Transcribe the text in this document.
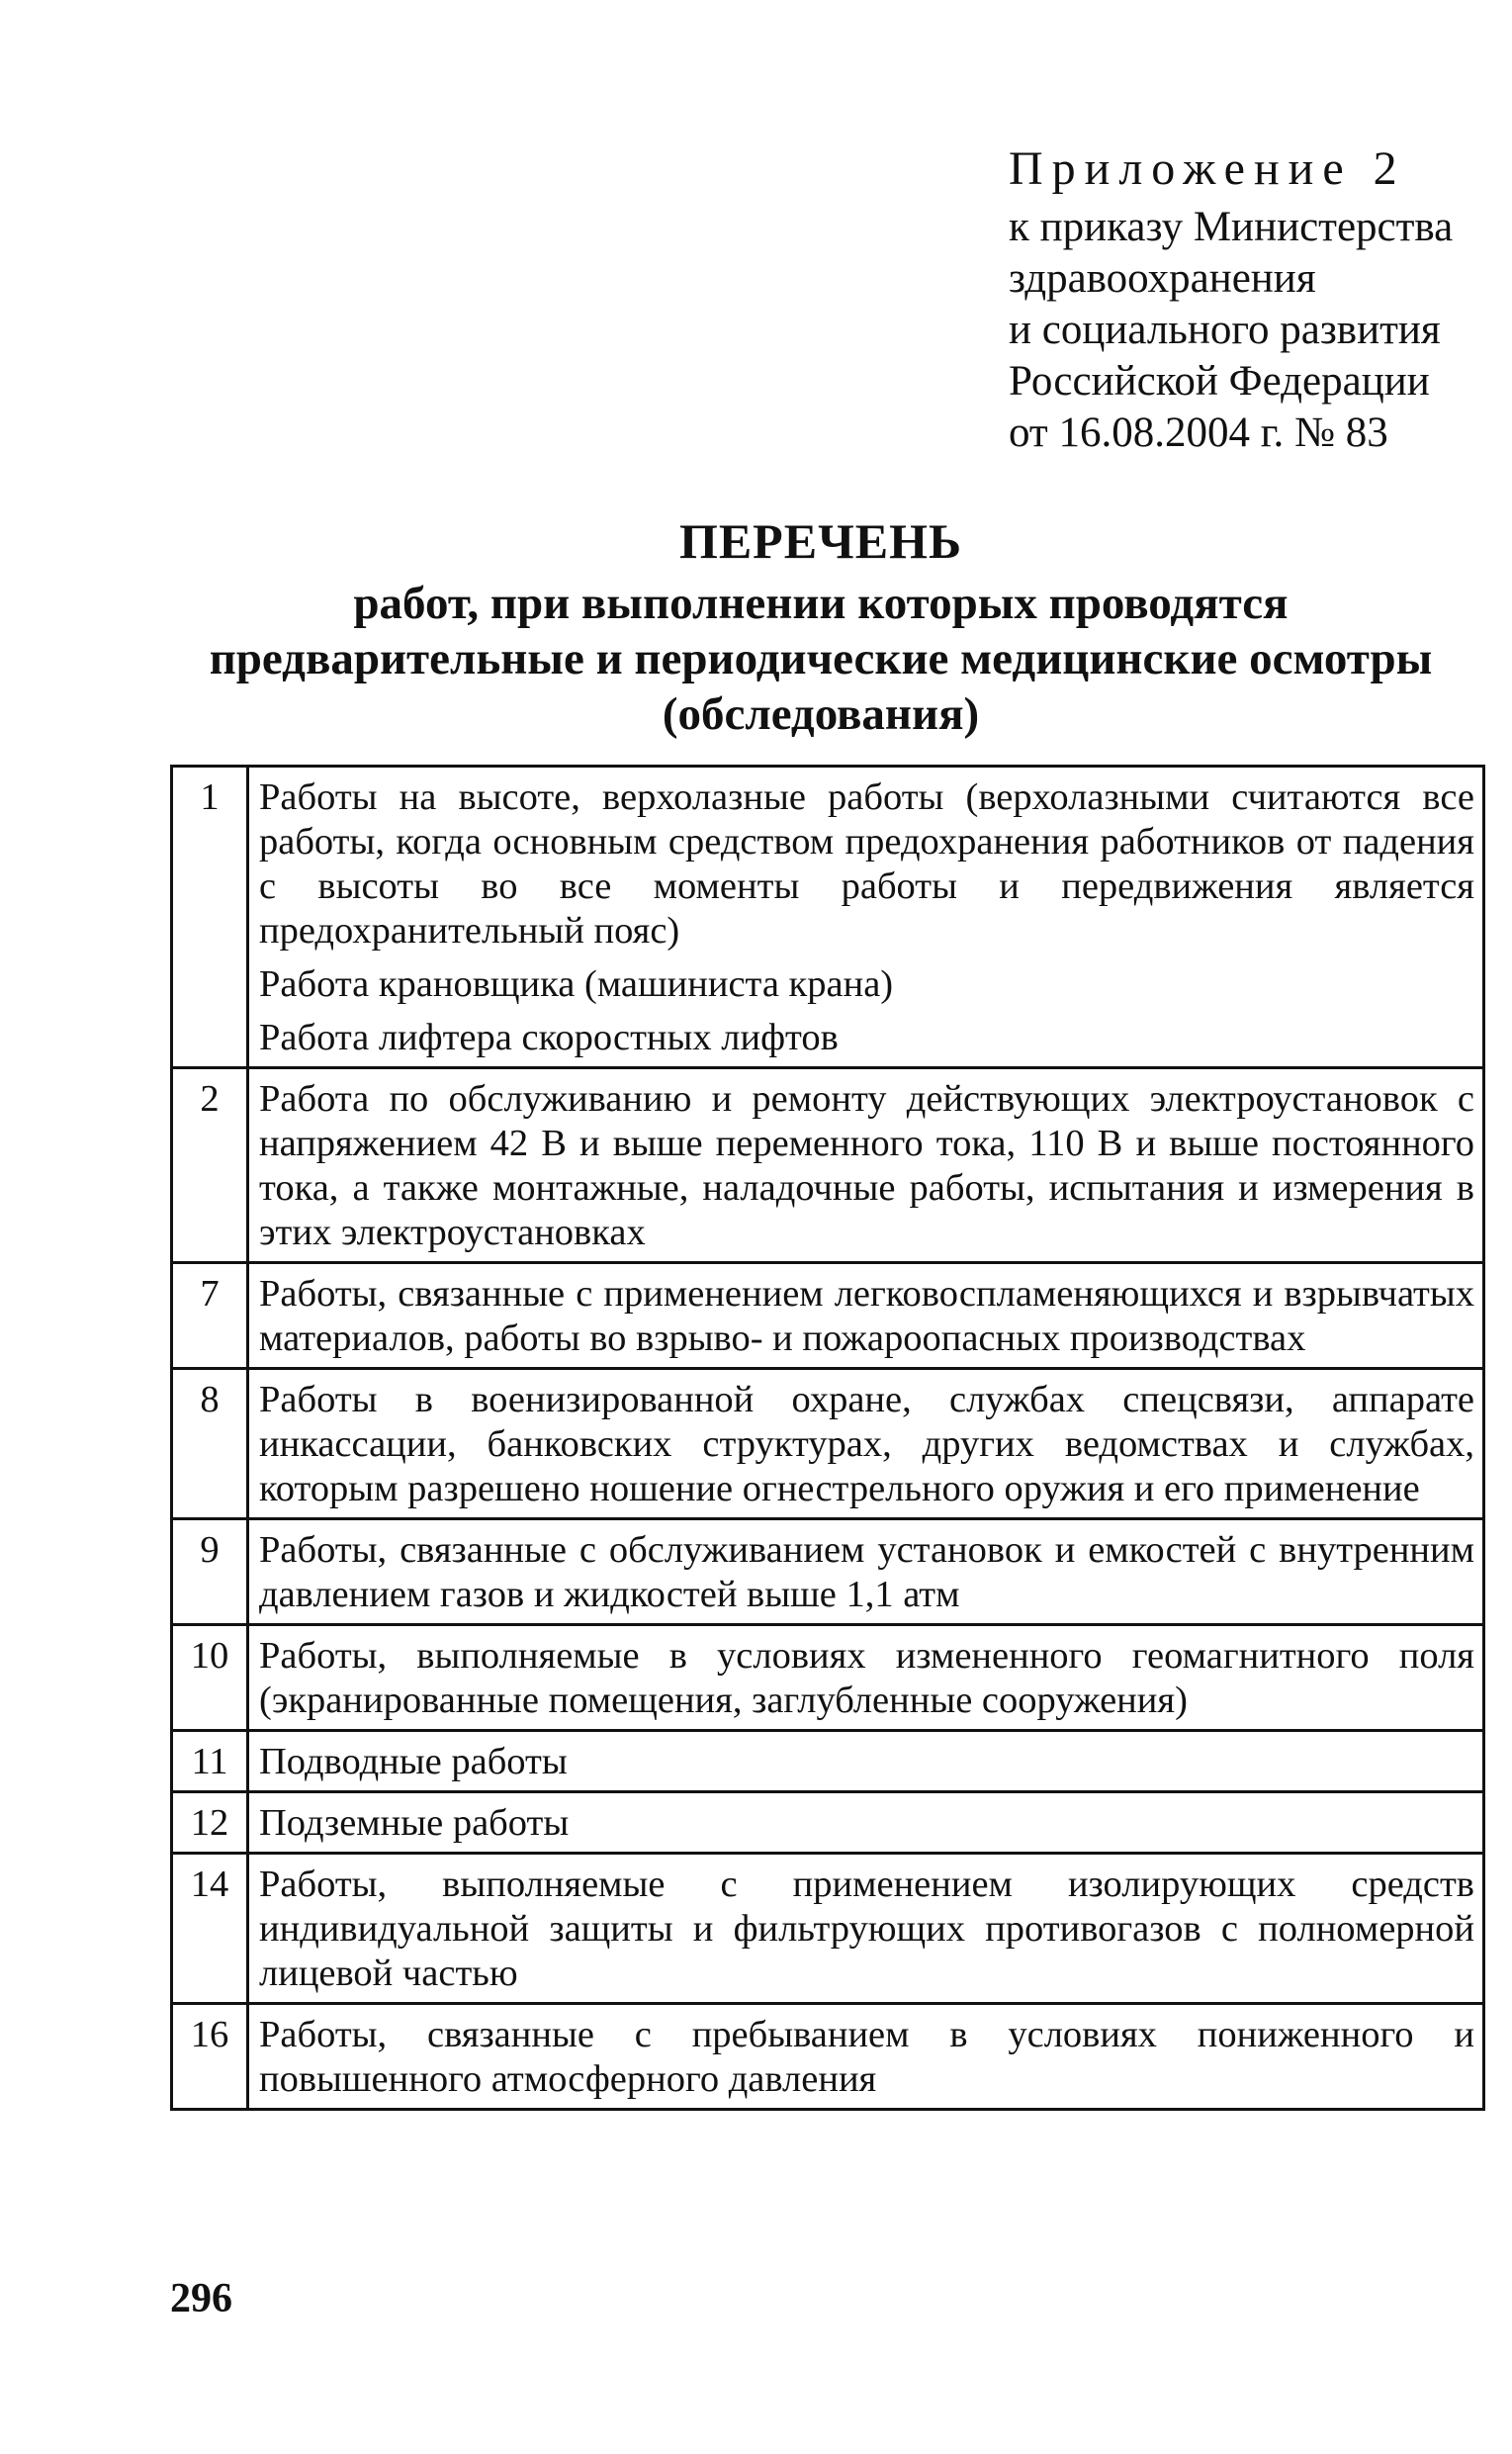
Приложение 2
к приказу Министерства
здравоохранения
и социального развития
Российской Федерации
от 16.08.2004 г. № 83
ПЕРЕЧЕНЬ
работ, при выполнении которых проводятся
предварительные и периодические медицинские осмотры
(обследования)
1	Работы на высоте, верхолазные работы (верхолазными считаются все работы, когда основным средством предохранения работников от падения с высоты во все моменты работы и передвижения является предохранительный пояс)
Работа крановщика (машиниста крана)
Работа лифтера скоростных лифтов

2	Работа по обслуживанию и ремонту действующих электроустановок с напряжением 42 В и выше переменного тока, 110 В и выше постоянного тока, а также монтажные, наладочные работы, испытания и измерения в этих электроустановках

7	Работы, связанные с применением легковоспламеняющихся и взрывчатых материалов, работы во взрыво- и пожароопасных производствах

8	Работы в военизированной охране, службах спецсвязи, аппарате инкассации, банковских структурах, других ведомствах и службах, которым разрешено ношение огнестрельного оружия и его применение

9	Работы, связанные с обслуживанием установок и емкостей с внутренним давлением газов и жидкостей выше 1,1 атм

10	Работы, выполняемые в условиях измененного геомагнитного поля (экранированные помещения, заглубленные сооружения)

11	Подводные работы

12	Подземные работы

14	Работы, выполняемые с применением изолирующих средств индивидуальной защиты и фильтрующих противогазов с полномерной лицевой частью

16	Работы, связанные с пребыванием в условиях пониженного и повышенного атмосферного давления
296
